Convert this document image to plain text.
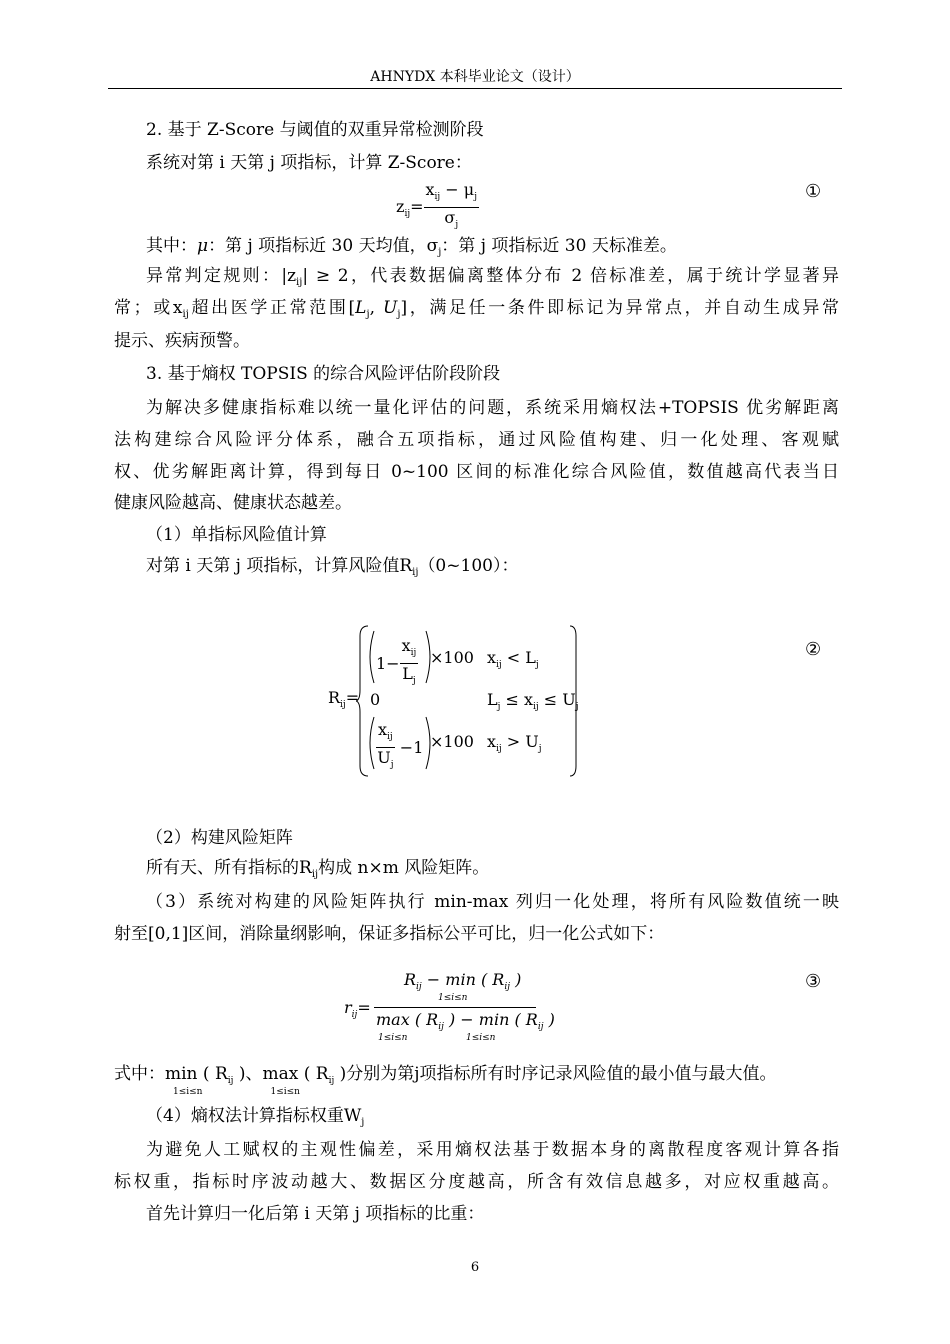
AHNYDX 本科毕业论文（设计）
2. 基于 Z-Score 与阈值的双重异常检测阶段
系统对第 i 天第 j 项指标，计算 Z-Score：
$z_{ij}= \frac{x_{ij} - \mu_j}{\sigma_j}$	①
其中：μ：第 j 项指标近 30 天均值，$\sigma_j$：第 j 项指标近 30 天标准差。
异常判定规则：$|z_{ij}| \ge 2$，代表数据偏离整体分布 2 倍标准差，属于统计学显著异
常；或$x_{ij}$超出医学正常范围[$L_j$, $U_j$]，满足任一条件即标记为异常点，并自动生成异常
提示、疾病预警。
3. 基于熵权 TOPSIS 的综合风险评估阶段阶段
为解决多健康指标难以统一量化评估的问题，系统采用熵权法+TOPSIS 优劣解距离
法构建综合风险评分体系，融合五项指标，通过风险值构建、归一化处理、客观赋
权、优劣解距离计算，得到每日 0~100 区间的标准化综合风险值，数值越高代表当日
健康风险越高、健康状态越差。
（1）单指标风险值计算
对第 i 天第 j 项指标，计算风险值$R_{ij}(0\sim 100)$：
$R_{ij}=$
$1- \frac{x_{ij}}{L_j} \times 100$ $x_{ij} < L_j$
0	$L_j \le x_{ij} \le U_j$
$\frac{x_{ij}}{U_j} -1 \times 100$ $x_{ij} > U_j$
②
（2）构建风险矩阵
所有天、所有指标的$R_{ij}$构成 n×m 风险矩阵。
（3）系统对构建的风险矩阵执行 min-max 列归一化处理，将所有风险数值统一映
射至[0,1]区间，消除量纲影响，保证多指标公平可比，归一化公式如下：
$r_{ij}=$
$R_{ij} - \min$ ( $R_{ij}$ )
1≤i≤n
max ( $R_{ij}$ ) − min ( $R_{ij}$ )
1≤i≤n	1≤i≤n
③
式中：min ( $R_{ij}$ )
1≤i≤n
、max ( $R_{ij}$ )
1≤i≤n
分别为第j项指标所有时序记录风险值的最小值与最大值。
（4）熵权法计算指标权重$W_j$
为避免人工赋权的主观性偏差，采用熵权法基于数据本身的离散程度客观计算各指
标权重，指标时序波动越大、数据区分度越高，所含有效信息越多，对应权重越高。
首先计算归一化后第 i 天第 j 项指标的比重：
6
